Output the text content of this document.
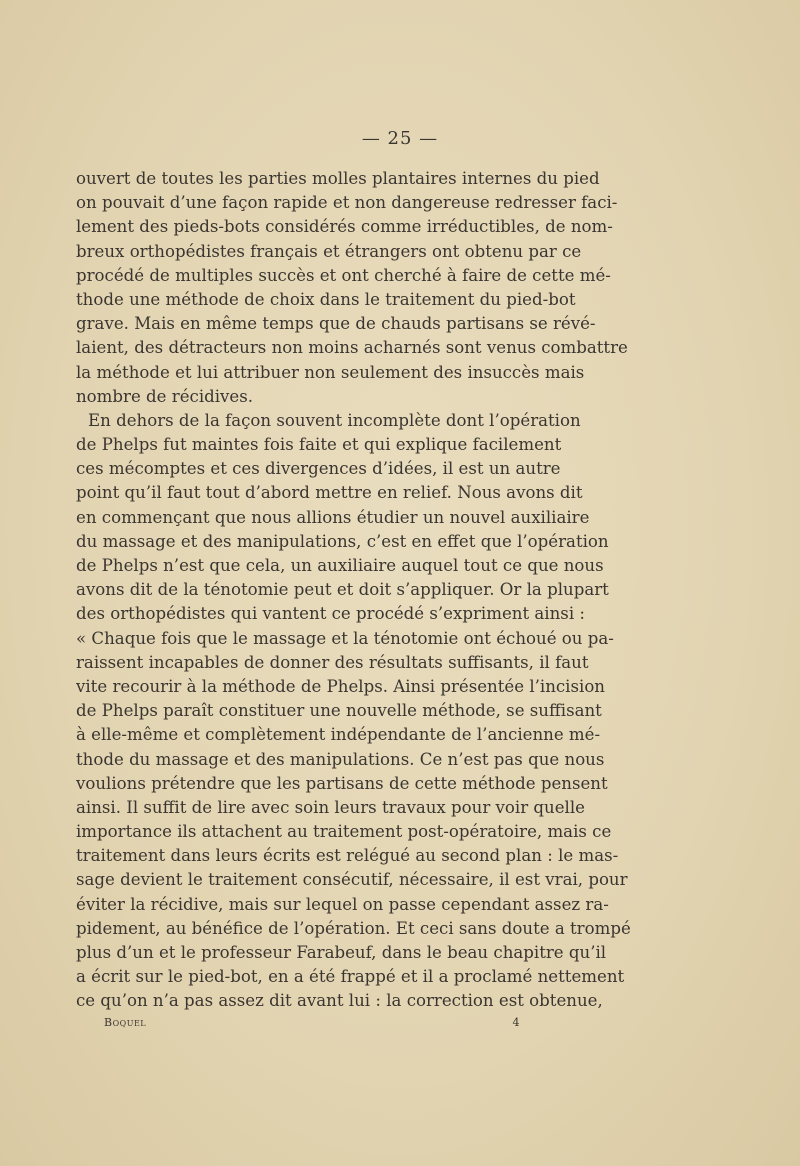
— 25 —
ouvert de toutes les parties molles plantaires internes du pied
on pouvait d’une façon rapide et non dangereuse redresser faci-
lement des pieds-bots considérés comme irréductibles, de nom-
breux orthopédistes français et étrangers ont obtenu par ce
procédé de multiples succès et ont cherché à faire de cette mé-
thode une méthode de choix dans le traitement du pied-bot
grave. Mais en même temps que de chauds partisans se révé-
laient, des détracteurs non moins acharnés sont venus combattre
la méthode et lui attribuer non seulement des insuccès mais
nombre de récidives.
En dehors de la façon souvent incomplète dont l’opération
de Phelps fut maintes fois faite et qui explique facilement
ces mécomptes et ces divergences d’idées, il est un autre
point qu’il faut tout d’abord mettre en relief. Nous avons dit
en commençant que nous allions étudier un nouvel auxiliaire
du massage et des manipulations, c’est en effet que l’opération
de Phelps n’est que cela, un auxiliaire auquel tout ce que nous
avons dit de la ténotomie peut et doit s’appliquer. Or la plupart
des orthopédistes qui vantent ce procédé s’expriment ainsi :
« Chaque fois que le massage et la ténotomie ont échoué ou pa-
raissent incapables de donner des résultats suffisants, il faut
vite recourir à la méthode de Phelps. Ainsi présentée l’incision
de Phelps paraît constituer une nouvelle méthode, se suffisant
à elle-même et complètement indépendante de l’ancienne mé-
thode du massage et des manipulations. Ce n’est pas que nous
voulions prétendre que les partisans de cette méthode pensent
ainsi. Il suffit de lire avec soin leurs travaux pour voir quelle
importance ils attachent au traitement post-opératoire, mais ce
traitement dans leurs écrits est relégué au second plan : le mas-
sage devient le traitement consécutif, nécessaire, il est vrai, pour
éviter la récidive, mais sur lequel on passe cependant assez ra-
pidement, au bénéfice de l’opération. Et ceci sans doute a trompé
plus d’un et le professeur Farabeuf, dans le beau chapitre qu’il
a écrit sur le pied-bot, en a été frappé et il a proclamé nettement
ce qu’on n’a pas assez dit avant lui : la correction est obtenue,
Boquel	4
